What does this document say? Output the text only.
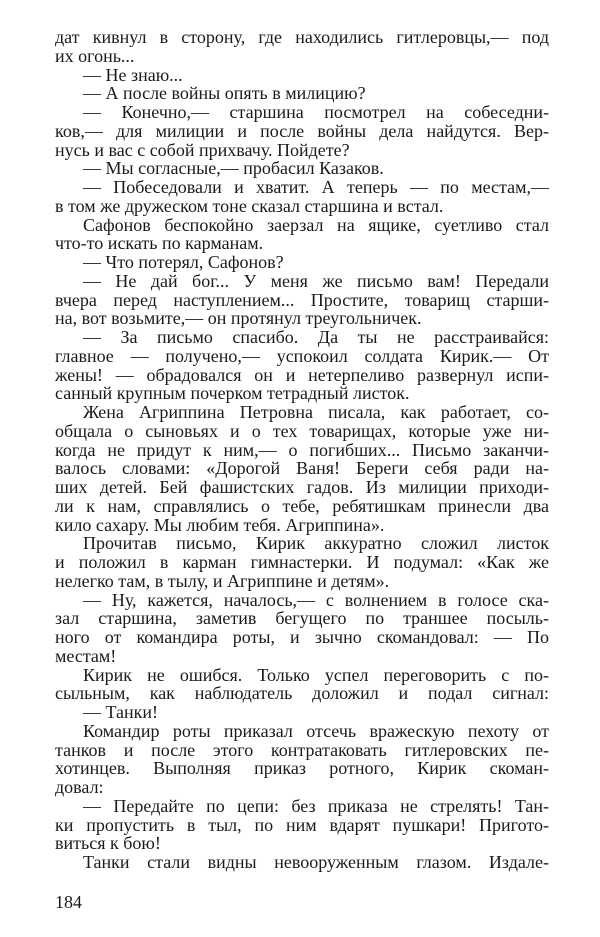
дат кивнул в сторону, где находились гитлеровцы,— под
их огонь...
— Не знаю...
— А после войны опять в милицию?
— Конечно,— старшина посмотрел на собеседни-
ков,— для милиции и после войны дела найдутся. Вер-
нусь и вас с собой прихвачу. Пойдете?
— Мы согласные,— пробасил Казаков.
— Побеседовали и хватит. А теперь — по местам,—
в том же дружеском тоне сказал старшина и встал.
Сафонов беспокойно заерзал на ящике, суетливо стал
что-то искать по карманам.
— Что потерял, Сафонов?
— Не дай бог... У меня же письмо вам! Передали
вчера перед наступлением... Простите, товарищ старши-
на, вот возьмите,— он протянул треугольничек.
— За письмо спасибо. Да ты не расстраивайся:
главное — получено,— успокоил солдата Кирик.— От
жены! — обрадовался он и нетерпеливо развернул испи-
санный крупным почерком тетрадный листок.
Жена Агриппина Петровна писала, как работает, со-
общала о сыновьях и о тех товарищах, которые уже ни-
когда не придут к ним,— о погибших... Письмо заканчи-
валось словами: «Дорогой Ваня! Береги себя ради на-
ших детей. Бей фашистских гадов. Из милиции приходи-
ли к нам, справлялись о тебе, ребятишкам принесли два
кило сахару. Мы любим тебя. Агриппина».
Прочитав письмо, Кирик аккуратно сложил листок
и положил в карман гимнастерки. И подумал: «Как же
нелегко там, в тылу, и Агриппине и детям».
— Ну, кажется, началось,— с волнением в голосе ска-
зал старшина, заметив бегущего по траншее посыль-
ного от командира роты, и зычно скомандовал: — По
местам!
Кирик не ошибся. Только успел переговорить с по-
сыльным, как наблюдатель доложил и подал сигнал:
— Танки!
Командир роты приказал отсечь вражескую пехоту от
танков и после этого контратаковать гитлеровских пе-
хотинцев. Выполняя приказ ротного, Кирик скоман-
довал:
— Передайте по цепи: без приказа не стрелять! Тан-
ки пропустить в тыл, по ним вдарят пушкари! Пригото-
виться к бою!
Танки стали видны невооруженным глазом. Издале-
184
